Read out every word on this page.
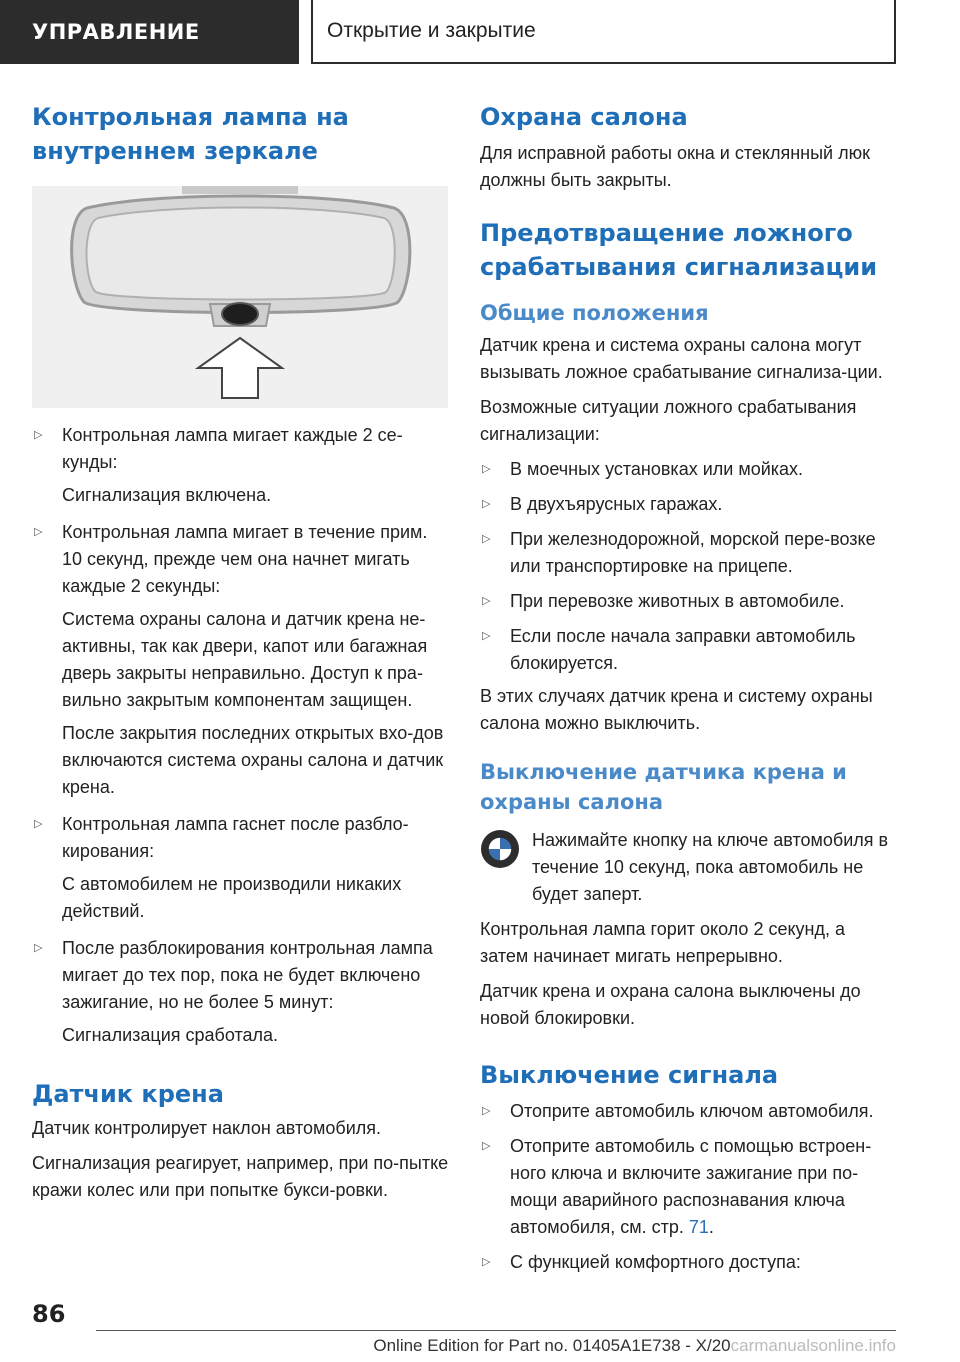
УПРАВЛЕНИЕ	Открытие и закрытие
Контрольная лампа на внутреннем зеркале
▷	Контрольная лампа мигает каждые 2 се-кунды:

Сигнализация включена.

▷	Контрольная лампа мигает в течение прим. 10 секунд, прежде чем она начнет мигать каждые 2 секунды:

Система охраны салона и датчик крена не-активны, так как двери, капот или багажная дверь закрыты неправильно. Доступ к пра-вильно закрытым компонентам защищен.

После закрытия последних открытых вхо-дов включаются система охраны салона и датчик крена.

▷	Контрольная лампа гаснет после разбло-кирования:

С автомобилем не производили никаких действий.

▷	После разблокирования контрольная лампа мигает до тех пор, пока не будет включено зажигание, но не более 5 минут:

Сигнализация сработала.

Датчик крена

Датчик контролирует наклон автомобиля.

Сигнализация реагирует, например, при по-пытке кражи колес или при попытке букси-ровки.

Охрана салона

Для исправной работы окна и стеклянный люк должны быть закрыты.

Предотвращение ложного срабатывания сигнализации
Общие положения

Датчик крена и система охраны салона могут вызывать ложное срабатывание сигнализа-ции.

Возможные ситуации ложного срабатывания сигнализации:

▷	В моечных установках или мойках.
▷	В двухъярусных гаражах.
▷	При железнодорожной, морской пере-возке или транспортировке на прицепе.
▷	При перевозке животных в автомобиле.
▷	Если после начала заправки автомобиль блокируется.

В этих случаях датчик крена и систему охраны салона можно выключить.

Выключение датчика крена и охраны салона
Нажимайте кнопку на ключе автомобиля в течение 10 секунд, пока автомобиль не будет заперт.

Контрольная лампа горит около 2 секунд, а затем начинает мигать непрерывно.

Датчик крена и охрана салона выключены до новой блокировки.

Выключение сигнала
▷	Отоприте автомобиль ключом автомобиля.
▷	Отоприте автомобиль с помощью встроен-ного ключа и включите зажигание при по-мощи аварийного распознавания ключа автомобиля, см. стр. 71.
▷	С функцией комфортного доступа:
86
Online Edition for Part no. 01405A1E738 - X/20carmanualsonline.info
